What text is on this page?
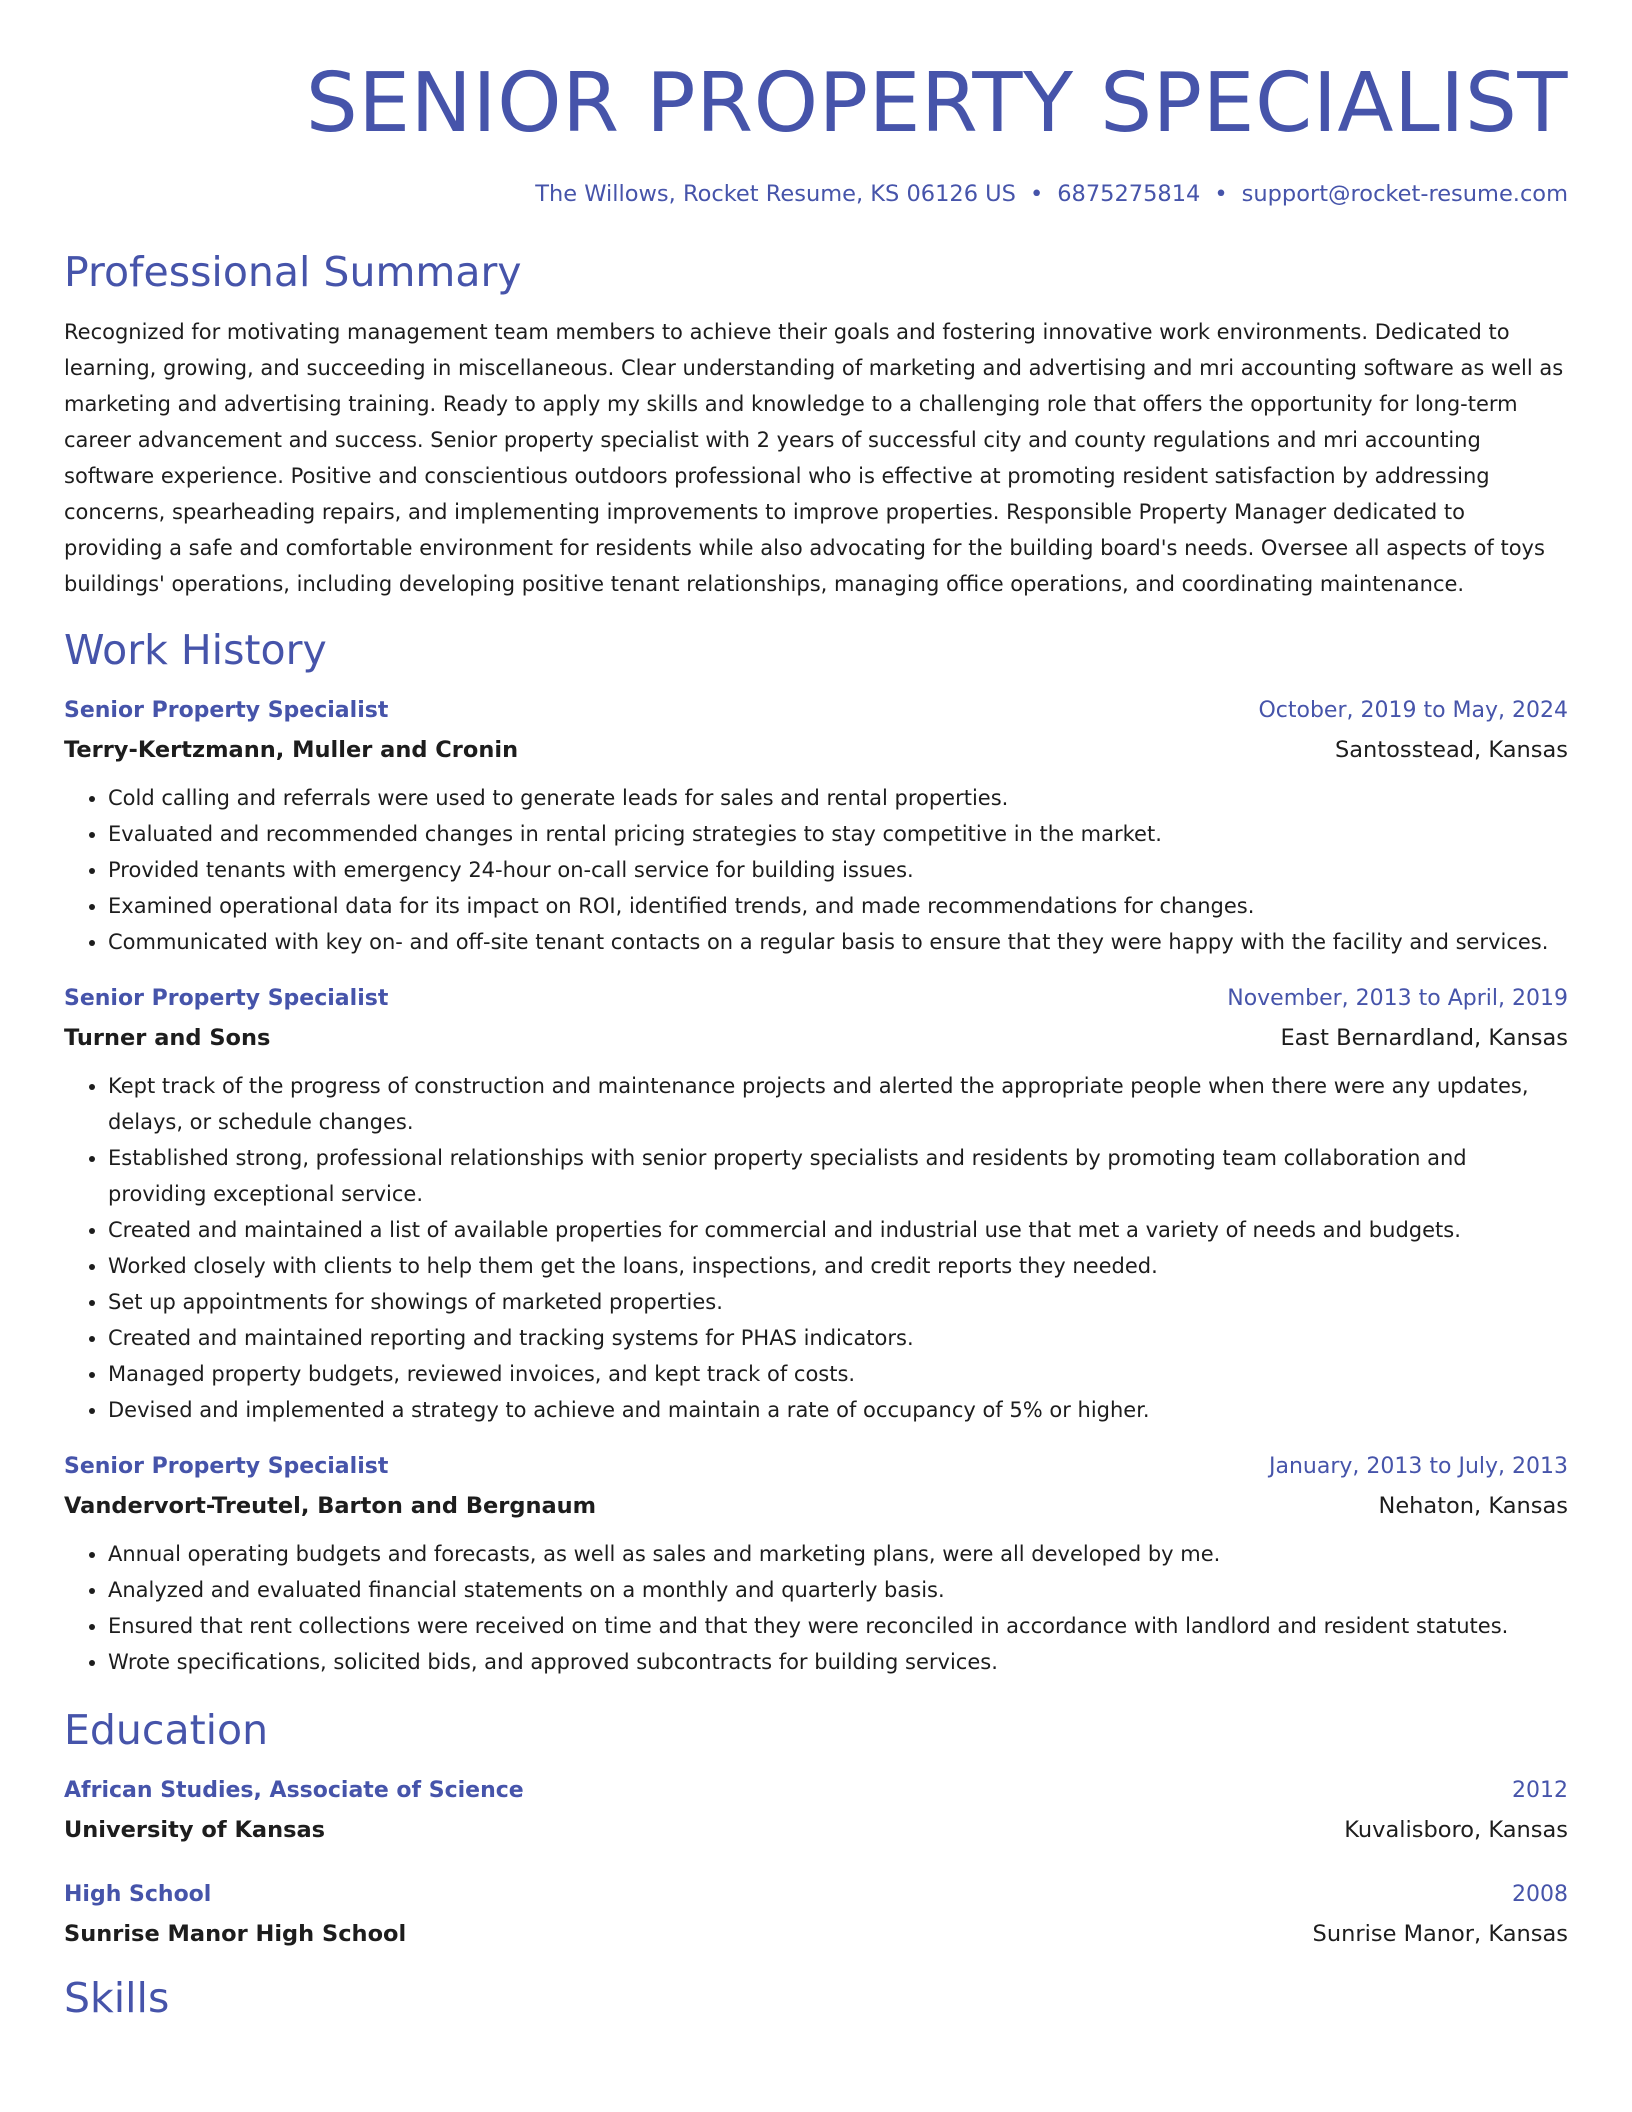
SENIOR PROPERTY SPECIALIST
The Willows, Rocket Resume, KS 06126 US • 6875275814 • support@rocket-resume.com
Professional Summary
Recognized for motivating management team members to achieve their goals and fostering innovative work environments. Dedicated to learning, growing, and succeeding in miscellaneous. Clear understanding of marketing and advertising and mri accounting software as well as marketing and advertising training. Ready to apply my skills and knowledge to a challenging role that offers the opportunity for long-term career advancement and success. Senior property specialist with 2 years of successful city and county regulations and mri accounting software experience. Positive and conscientious outdoors professional who is effective at promoting resident satisfaction by addressing concerns, spearheading repairs, and implementing improvements to improve properties. Responsible Property Manager dedicated to providing a safe and comfortable environment for residents while also advocating for the building board's needs. Oversee all aspects of toys buildings' operations, including developing positive tenant relationships, managing office operations, and coordinating maintenance.
Work History
Senior Property Specialist	October, 2019 to May, 2024
Terry-Kertzmann, Muller and Cronin	Santosstead, Kansas
• Cold calling and referrals were used to generate leads for sales and rental properties.
• Evaluated and recommended changes in rental pricing strategies to stay competitive in the market.
• Provided tenants with emergency 24-hour on-call service for building issues.
• Examined operational data for its impact on ROI, identified trends, and made recommendations for changes.
• Communicated with key on- and off-site tenant contacts on a regular basis to ensure that they were happy with the facility and services.
Senior Property Specialist	November, 2013 to April, 2019
Turner and Sons	East Bernardland, Kansas
• Kept track of the progress of construction and maintenance projects and alerted the appropriate people when there were any updates, delays, or schedule changes.
• Established strong, professional relationships with senior property specialists and residents by promoting team collaboration and providing exceptional service.
• Created and maintained a list of available properties for commercial and industrial use that met a variety of needs and budgets.
• Worked closely with clients to help them get the loans, inspections, and credit reports they needed.
• Set up appointments for showings of marketed properties.
• Created and maintained reporting and tracking systems for PHAS indicators.
• Managed property budgets, reviewed invoices, and kept track of costs.
• Devised and implemented a strategy to achieve and maintain a rate of occupancy of 5% or higher.
Senior Property Specialist	January, 2013 to July, 2013
Vandervort-Treutel, Barton and Bergnaum	Nehaton, Kansas
• Annual operating budgets and forecasts, as well as sales and marketing plans, were all developed by me.
• Analyzed and evaluated financial statements on a monthly and quarterly basis.
• Ensured that rent collections were received on time and that they were reconciled in accordance with landlord and resident statutes.
• Wrote specifications, solicited bids, and approved subcontracts for building services.
Education
African Studies, Associate of Science	2012
University of Kansas	Kuvalisboro, Kansas
High School	2008
Sunrise Manor High School	Sunrise Manor, Kansas
Skills
